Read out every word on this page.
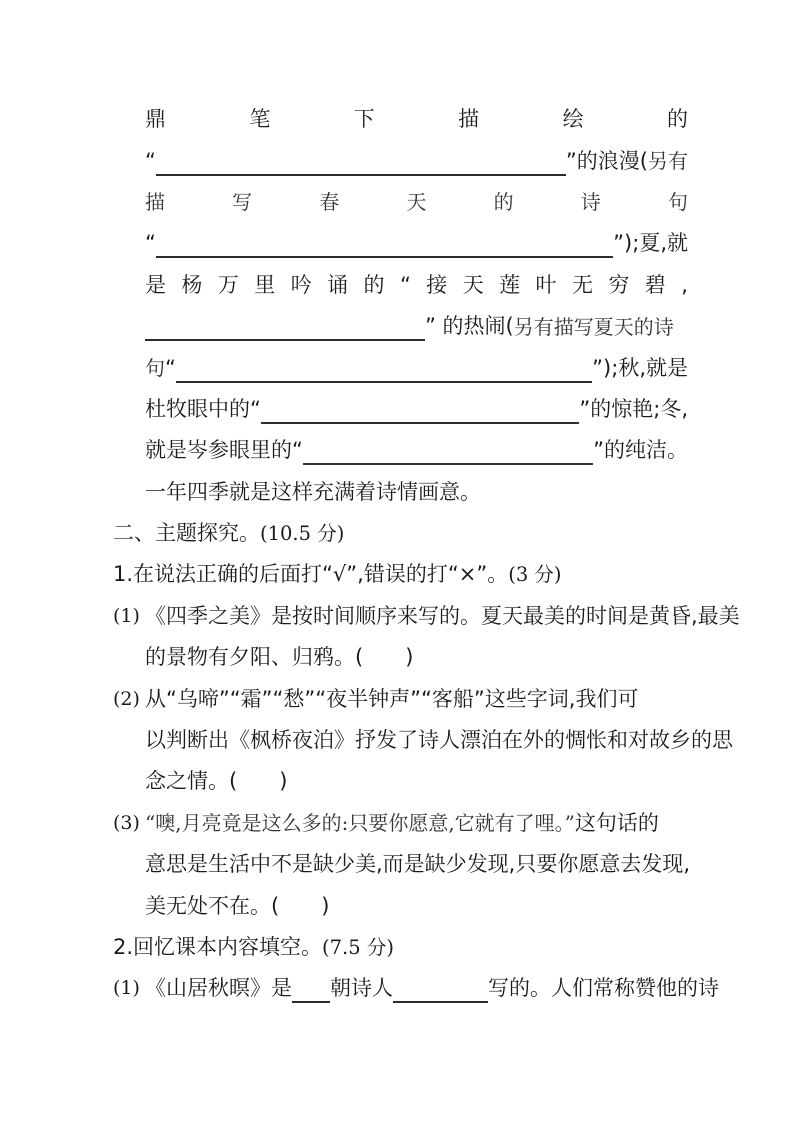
鼎	笔	下	描	绘	的
“	”的浪漫( 另有
描	写	春	天	的	诗	句
“	”);夏,就
是 杨 万 里 吟 诵 的 “ 接 天 莲 叶 无 穷 碧 ,
” 的热闹( 另有描写夏天的诗
句 “	”);秋,就是
杜牧眼中的“	”的惊艳;冬,
就是岑参眼里的“	”的纯洁。
一年四季就是这样充满着诗情画意。
二、主题探究。 (10.5 分)
1.在说法正确的后面打“√”,错误的打“×”。 (3 分)
(1) 《四季之美》是按时间顺序来写的。夏天最美的时间是黄昏,最美
的景物有夕阳、归鸦。(  )
(2) 从“乌啼”“霜”“愁”“夜半钟声”“客船”这些字词,我们可
以判断出《枫桥夜泊》抒发了诗人漂泊在外的惆怅和对故乡的思
念之情。(  )
(3) “噢,月亮竟是这么多的:只要你愿意,它就有了哩。” 这句话的
意思是生活中不是缺少美,而是缺少发现,只要你愿意去发现,
美无处不在。(  )
2.回忆课本内容填空。 (7.5 分)
(1) 《山居秋暝》是 朝诗人	写的。人们常称赞他的诗
